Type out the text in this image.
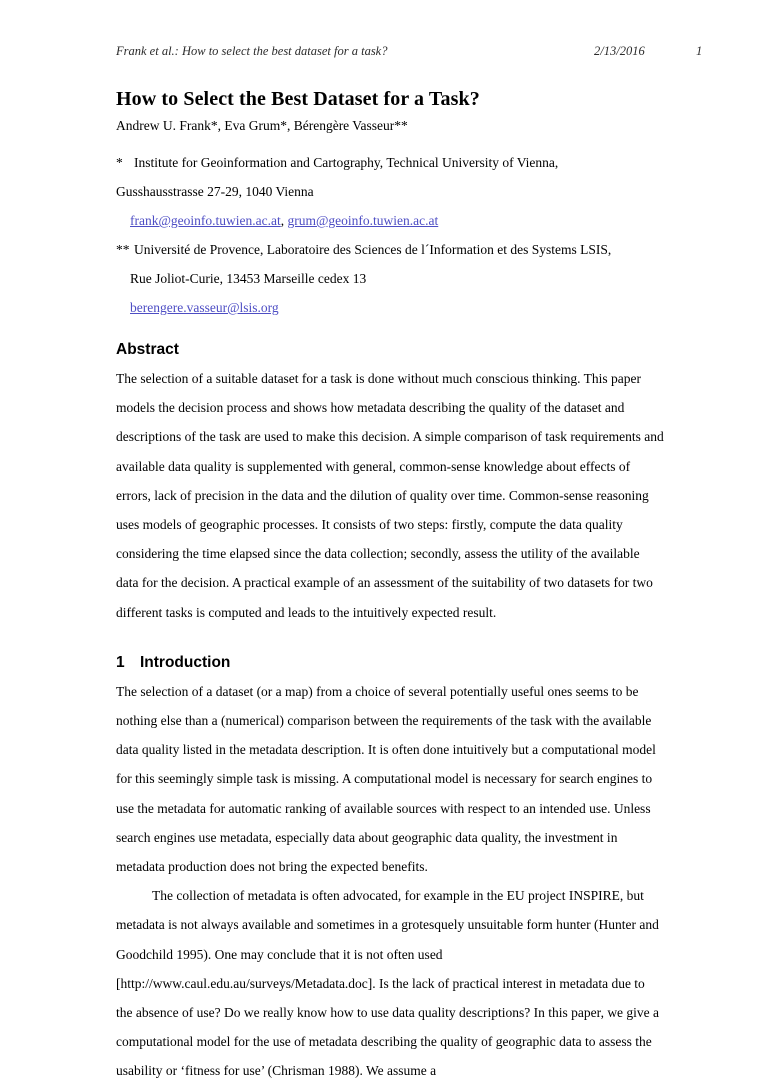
Frank et al.: How to select the best dataset for a task?	2/13/2016	1
How to Select the Best Dataset for a Task?

Andrew U. Frank*, Eva Grum*, Bérengère Vasseur**

* Institute for Geoinformation and Cartography, Technical University of Vienna,
Gusshausstrasse 27-29, 1040 Vienna
frank@geoinfo.tuwien.ac.at, grum@geoinfo.tuwien.ac.at
** Université de Provence, Laboratoire des Sciences de l´Information et des Systems LSIS,
Rue Joliot-Curie, 13453 Marseille cedex 13
berengere.vasseur@lsis.org
Abstract

The selection of a suitable dataset for a task is done without much conscious thinking. This paper models the decision process and shows how metadata describing the quality of the dataset and descriptions of the task are used to make this decision. A simple comparison of task requirements and available data quality is supplemented with general, common-sense knowledge about effects of errors, lack of precision in the data and the dilution of quality over time. Common-sense reasoning uses models of geographic processes. It consists of two steps: firstly, compute the data quality considering the time elapsed since the data collection; secondly, assess the utility of the available data for the decision. A practical example of an assessment of the suitability of two datasets for two different tasks is computed and leads to the intuitively expected result.

1 Introduction

The selection of a dataset (or a map) from a choice of several potentially useful ones seems to be nothing else than a (numerical) comparison between the requirements of the task with the available data quality listed in the metadata description. It is often done intuitively but a computational model for this seemingly simple task is missing. A computational model is necessary for search engines to use the metadata for automatic ranking of available sources with respect to an intended use. Unless search engines use metadata, especially data about geographic data quality, the investment in metadata production does not bring the expected benefits.

The collection of metadata is often advocated, for example in the EU project INSPIRE, but metadata is not always available and sometimes in a grotesquely unsuitable form hunter (Hunter and Goodchild 1995). One may conclude that it is not often used [http://www.caul.edu.au/surveys/Metadata.doc]. Is the lack of practical interest in metadata due to the absence of use? Do we really know how to use data quality descriptions? In this paper, we give a computational model for the use of metadata describing the quality of geographic data to assess the usability or ‘fitness for use’ (Chrisman 1988). We assume a
